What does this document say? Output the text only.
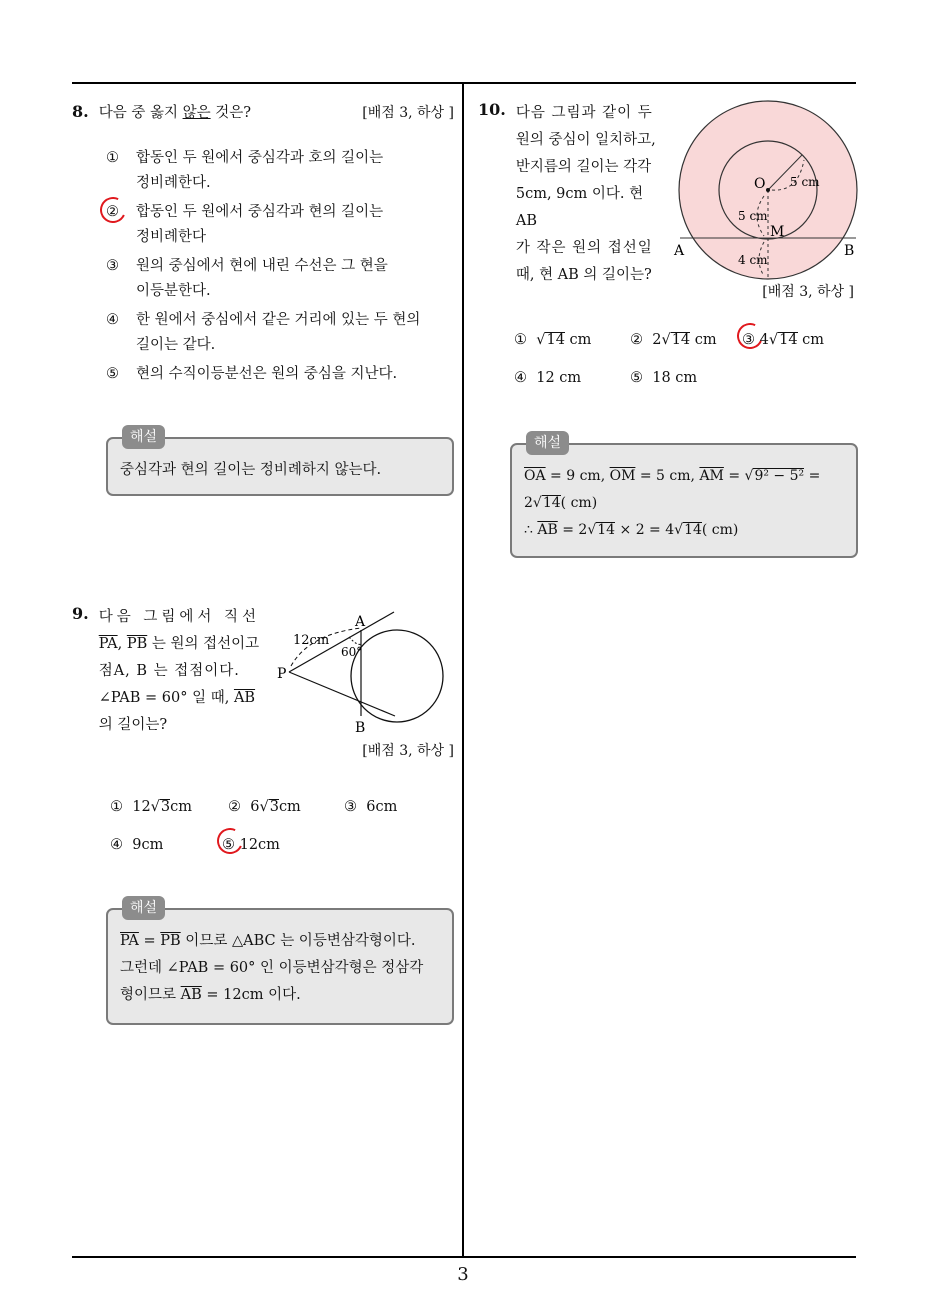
8. 다음 중 옳지 않은 것은?	[배점 3, 하상 ]
①	합동인 두 원에서 중심각과 호의 길이는
정비례한다.
②	합동인 두 원에서 중심각과 현의 길이는
정비례한다
③	원의 중심에서 현에 내린 수선은 그 현을
이등분한다.
④	한 원에서 중심에서 같은 거리에 있는 두 현의
길이는 같다.
⑤	현의 수직이등분선은 원의 중심을 지난다.
해설
중심각과 현의 길이는 정비례하지 않는다.
9. 다음 그림에서 직선
$\overline{PA}$, $\overline{PB}$ 는 원의 접선이고
점A, B 는 접점이다.
∠PAB = 60° 일 때, $\overline{AB}$
의 길이는?
A
B
P
12cm
60°
[배점 3, 하상 ]
① 12√3cm	② 6√3cm	③ 6cm
④ 9cm	⑤ 12cm
해설
$\overline{PA} = \overline{PB}$ 이므로 △ABC 는 이등변삼각형이다.
그런데 ∠PAB = 60° 인 이등변삼각형은 정삼각
형이므로 $\overline{AB} = 12cm$ 이다.
10. 다음 그림과 같이 두
원의 중심이 일치하고,
반지름의 길이는 각각
5cm, 9cm 이다. 현 AB
가 작은 원의 접선일
때, 현 AB 의 길이는?
O
M
A	B
5 cm
5 cm
4 cm
[배점 3, 하상 ]
①  √14 cm	② 2√14 cm	③ 4√14 cm
④ 12 cm	⑤ 18 cm
해설
$\overline{OA} = 9$ cm, $\overline{OM} = 5$ cm, $\overline{AM} = √9^2 - 5^2$ =
2√14( cm)
∴ $\overline{AB} = 2√14 \times 2 = 4√14$( cm)
3
